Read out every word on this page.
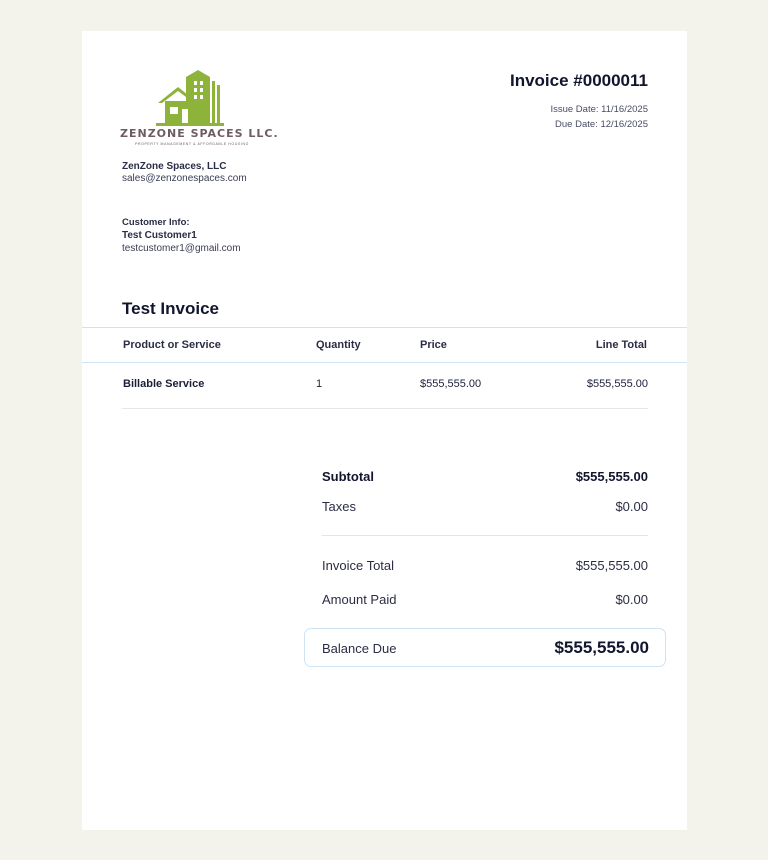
ZENZONE SPACES LLC.
PROPERTY MANAGEMENT & AFFORDABLE HOUSING
ZenZone Spaces, LLC
sales@zenzonespaces.com
Invoice #0000011
Issue Date: 11/16/2025
Due Date: 12/16/2025
Customer Info:
Test Customer1
testcustomer1@gmail.com
Test Invoice
Product or Service	Quantity	Price	Line Total
Billable Service	1	$555,555.00	$555,555.00
Subtotal	$555,555.00
Taxes	$0.00
Invoice Total	$555,555.00
Amount Paid	$0.00
Balance Due	$555,555.00
